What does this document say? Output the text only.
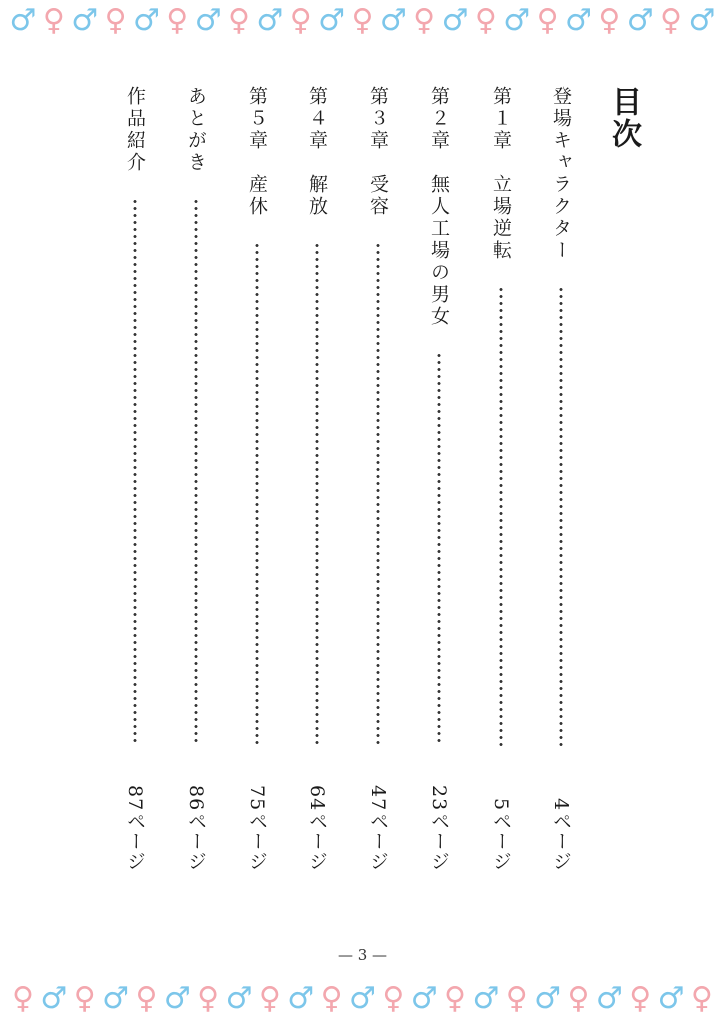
♂ ♀ ♂ ♀ ♂ ♀ ♂ ♀ ♂ ♀ ♂ ♀ ♂ ♀ ♂ ♀ ♂ ♀ ♂ ♀ ♂ ♀ ♂
目次
登場キャラクター
4ページ
第１章　立場逆転
5ページ
第２章　無人工場の男女
23ページ
第３章　受容
47ページ
第４章　解放
64ページ
第５章　産休
75ページ
あとがき
86ページ
作品紹介
87ページ
— 3 —
♀ ♂ ♀ ♂ ♀ ♂ ♀ ♂ ♀ ♂ ♀ ♂ ♀ ♂ ♀ ♂ ♀ ♂ ♀ ♂ ♀ ♂ ♀
